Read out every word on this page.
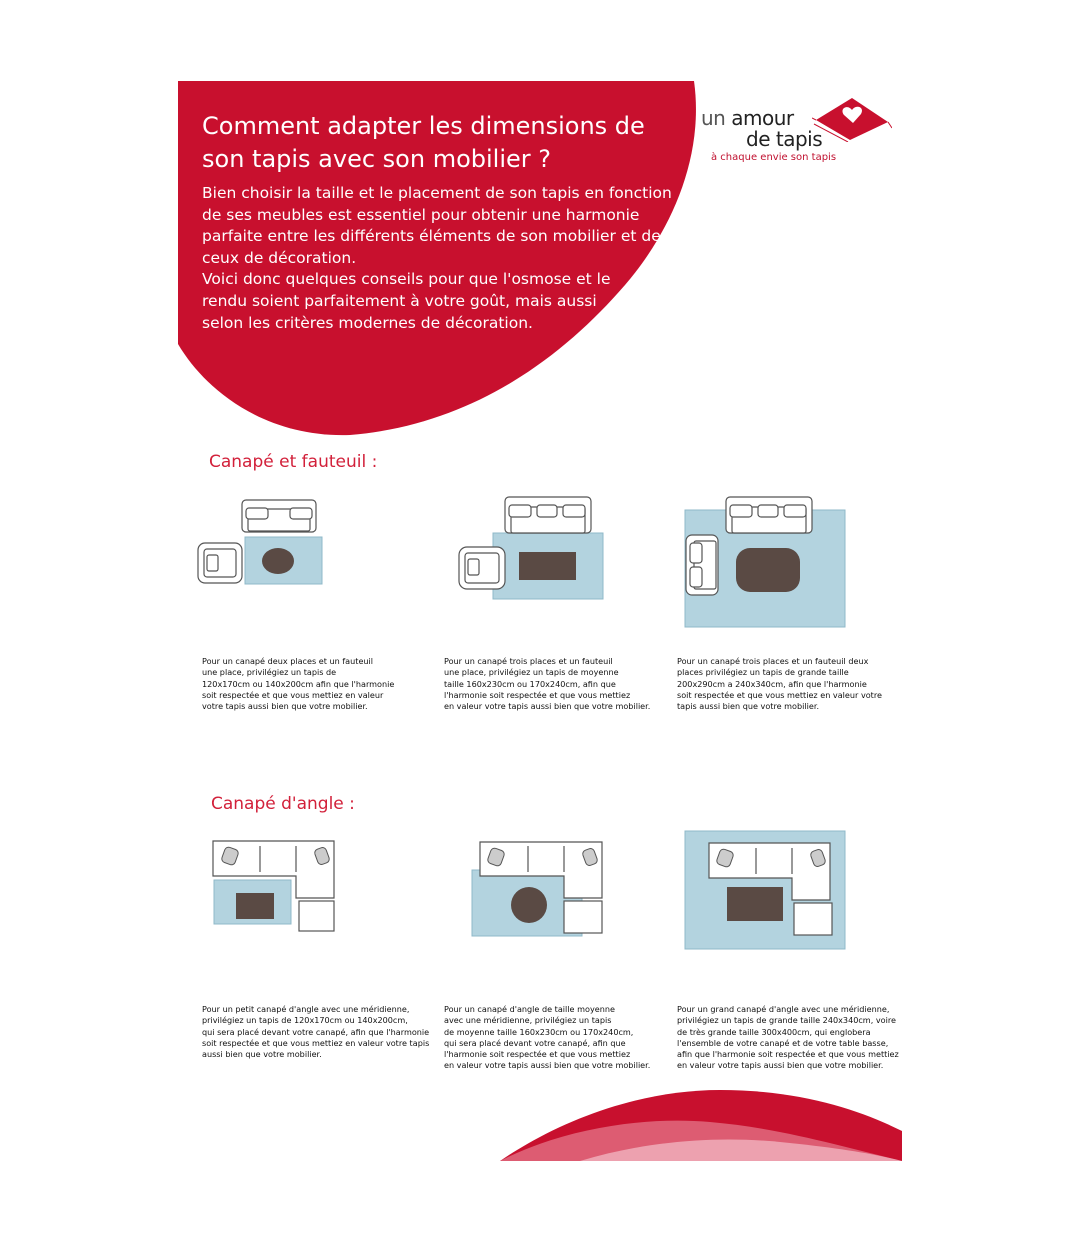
Comment adapter les dimensions de
son tapis avec son mobilier ?

Bien choisir la taille et le placement de son tapis en fonction

de ses meubles est essentiel pour obtenir une harmonie

parfaite entre les différents éléments de son mobilier et de

ceux de décoration.

Voici donc quelques conseils pour que l'osmose et le

rendu soient parfaitement à votre goût, mais aussi

selon les critères modernes de décoration.

un amour
de tapis
à chaque envie son tapis
Canapé et fauteuil :

Pour un canapé deux places et un fauteuil

une place, privilégiez un tapis de

120x170cm ou 140x200cm afin que l'harmonie

soit respectée et que vous mettiez en valeur

votre tapis aussi bien que votre mobilier.

Pour un canapé trois places et un fauteuil

une place, privilégiez un tapis de moyenne

taille 160x230cm ou 170x240cm, afin que

l'harmonie soit respectée et que vous mettiez

en valeur votre tapis aussi bien que votre mobilier.

Pour un canapé trois places et un fauteuil deux

places privilégiez un tapis de grande taille

200x290cm a 240x340cm, afin que l'harmonie

soit respectée et que vous mettiez en valeur votre

tapis aussi bien que votre mobilier.

Canapé d'angle :

Pour un petit canapé d'angle avec une méridienne,

privilégiez un tapis de 120x170cm ou 140x200cm,

qui sera placé devant votre canapé, afin que l'harmonie

soit respectée et que vous mettiez en valeur votre tapis

aussi bien que votre mobilier.

Pour un canapé d'angle de taille moyenne

avec une méridienne, privilégiez un tapis

de moyenne taille 160x230cm ou 170x240cm,

qui sera placé devant votre canapé, afin que

l'harmonie soit respectée et que vous mettiez

en valeur votre tapis aussi bien que votre mobilier.

Pour un grand canapé d'angle avec une méridienne,

privilégiez un tapis de grande taille 240x340cm, voire

de très grande taille 300x400cm, qui englobera

l'ensemble de votre canapé et de votre table basse,

afin que l'harmonie soit respectée et que vous mettiez

en valeur votre tapis aussi bien que votre mobilier.
